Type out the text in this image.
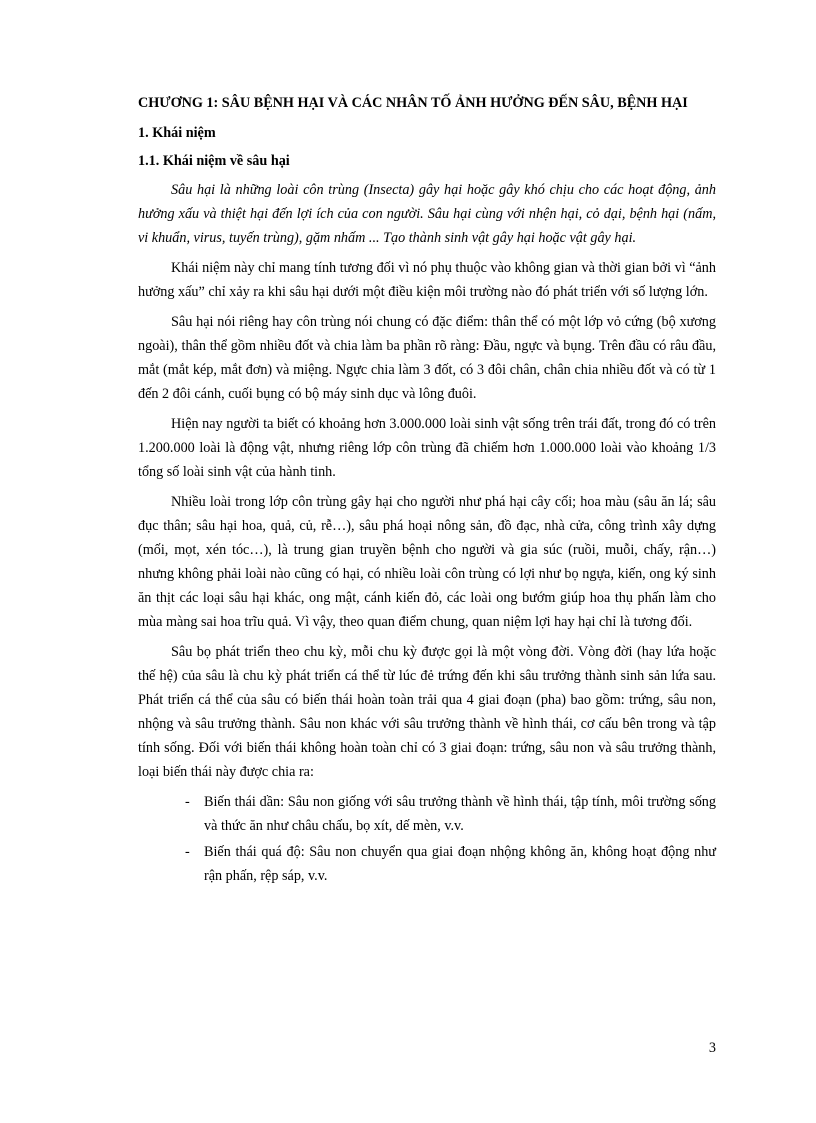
CHƯƠNG 1: SÂU BỆNH HẠI VÀ CÁC NHÂN TỐ ẢNH HƯỞNG ĐẾN SÂU, BỆNH HẠI
1. Khái niệm
1.1. Khái niệm về sâu hại

Sâu hại là những loài côn trùng (Insecta) gây hại hoặc gây khó chịu cho các hoạt động, ảnh hưởng xấu và thiệt hại đến lợi ích của con người. Sâu hại cùng với nhện hại, cỏ dại, bệnh hại (nấm, vi khuẩn, virus, tuyến trùng), gặm nhấm ... Tạo thành sinh vật gây hại hoặc vật gây hại.

Khái niệm này chỉ mang tính tương đối vì nó phụ thuộc vào không gian và thời gian bởi vì “ảnh hưởng xấu” chỉ xảy ra khi sâu hại dưới một điều kiện môi trường nào đó phát triển với số lượng lớn.

Sâu hại nói riêng hay côn trùng nói chung có đặc điểm: thân thể có một lớp vỏ cứng (bộ xương ngoài), thân thể gồm nhiều đốt và chia làm ba phần rõ ràng: Đầu, ngực và bụng. Trên đầu có râu đầu, mắt (mắt kép, mắt đơn) và miệng. Ngực chia làm 3 đốt, có 3 đôi chân, chân chia nhiều đốt và có từ 1 đến 2 đôi cánh, cuối bụng có bộ máy sinh dục và lông đuôi.

Hiện nay người ta biết có khoảng hơn 3.000.000 loài sinh vật sống trên trái đất, trong đó có trên 1.200.000 loài là động vật, nhưng riêng lớp côn trùng đã chiếm hơn 1.000.000 loài vào khoảng 1/3 tổng số loài sinh vật của hành tinh.

Nhiều loài trong lớp côn trùng gây hại cho người như phá hại cây cối; hoa màu (sâu ăn lá; sâu đục thân; sâu hại hoa, quả, củ, rễ…), sâu phá hoại nông sản, đồ đạc, nhà cửa, công trình xây dựng (mối, mọt, xén tóc…), là trung gian truyền bệnh cho người và gia súc (ruồi, muỗi, chấy, rận…) nhưng không phải loài nào cũng có hại, có nhiều loài côn trùng có lợi như bọ ngựa, kiến, ong ký sinh ăn thịt các loại sâu hại khác, ong mật, cánh kiến đỏ, các loài ong bướm giúp hoa thụ phấn làm cho mùa màng sai hoa trĩu quả. Vì vậy, theo quan điểm chung, quan niệm lợi hay hại chỉ là tương đối.

Sâu bọ phát triển theo chu kỳ, mỗi chu kỳ được gọi là một vòng đời. Vòng đời (hay lứa hoặc thế hệ) của sâu là chu kỳ phát triển cá thể từ lúc đẻ trứng đến khi sâu trưởng thành sinh sản lứa sau. Phát triển cá thể của sâu có biến thái hoàn toàn trải qua 4 giai đoạn (pha) bao gồm: trứng, sâu non, nhộng và sâu trưởng thành. Sâu non khác với sâu trưởng thành về hình thái, cơ cấu bên trong và tập tính sống. Đối với biến thái không hoàn toàn chỉ có 3 giai đoạn: trứng, sâu non và sâu trưởng thành, loại biến thái này được chia ra:

- Biến thái dần: Sâu non giống với sâu trưởng thành về hình thái, tập tính, môi trường sống và thức ăn như châu chấu, bọ xít, dế mèn, v.v.
- Biến thái quá độ: Sâu non chuyển qua giai đoạn nhộng không ăn, không hoạt động như rận phấn, rệp sáp, v.v.
3
